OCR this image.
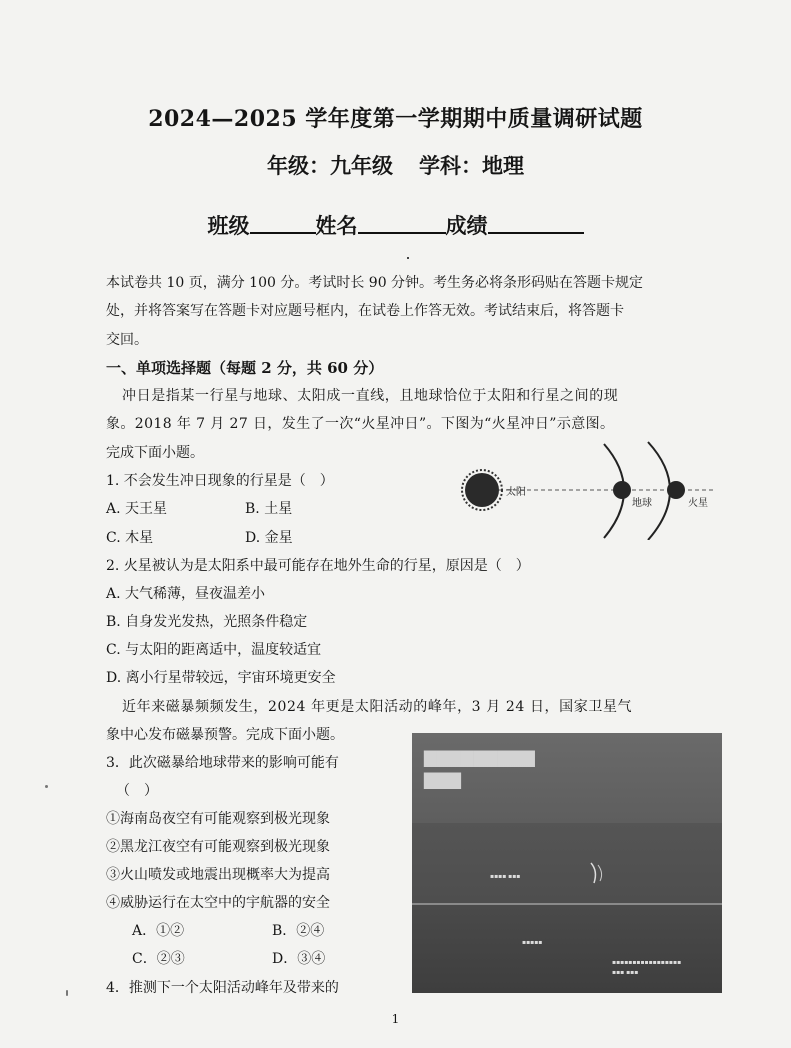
2024—2025 学年度第一学期期中质量调研试题
年级：九年级 学科：地理
班级	姓名	成绩
本试卷共 10 页，满分 100 分。考试时长 90 分钟。考生务必将条形码贴在答题卡规定
处，并将答案写在答题卡对应题号框内，在试卷上作答无效。考试结束后，将答题卡
交回。
一、单项选择题（每题 2 分，共 60 分）
冲日是指某一行星与地球、太阳成一直线，且地球恰位于太阳和行星之间的现
象。2018 年 7 月 27 日，发生了一次“火星冲日”。下图为“火星冲日”示意图。
完成下面小题。
1. 不会发生冲日现象的行星是（　）
A. 天王星	B. 土星
C. 木星	D. 金星
太阳
地球	火星
2. 火星被认为是太阳系中最可能存在地外生命的行星，原因是（　）
A. 大气稀薄，昼夜温差小
B. 自身发光发热，光照条件稳定
C. 与太阳的距离适中，温度较适宜
D. 离小行星带较远，宇宙环境更安全
近年来磁暴频频发生，2024 年更是太阳活动的峰年，3 月 24 日，国家卫星气
象中心发布磁暴预警。完成下面小题。
3．此次磁暴给地球带来的影响可能有
（　）
①海南岛夜空有可能观察到极光现象
②黑龙江夜空有可能观察到极光现象
③火山喷发或地震出现概率大为提高
④威胁运行在太空中的宇航器的安全
A．①②	B．②④
C．②③	D．③④
4．推测下一个太阳活动峰年及带来的
▇▇▇▇▇▇▇▇▇
▇▇▇
▪▪▪▪ ▪▪▪
▪▪▪▪▪
▪▪▪▪▪▪▪▪▪▪▪▪▪▪▪▪▪
▪▪▪ ▪▪▪
1
